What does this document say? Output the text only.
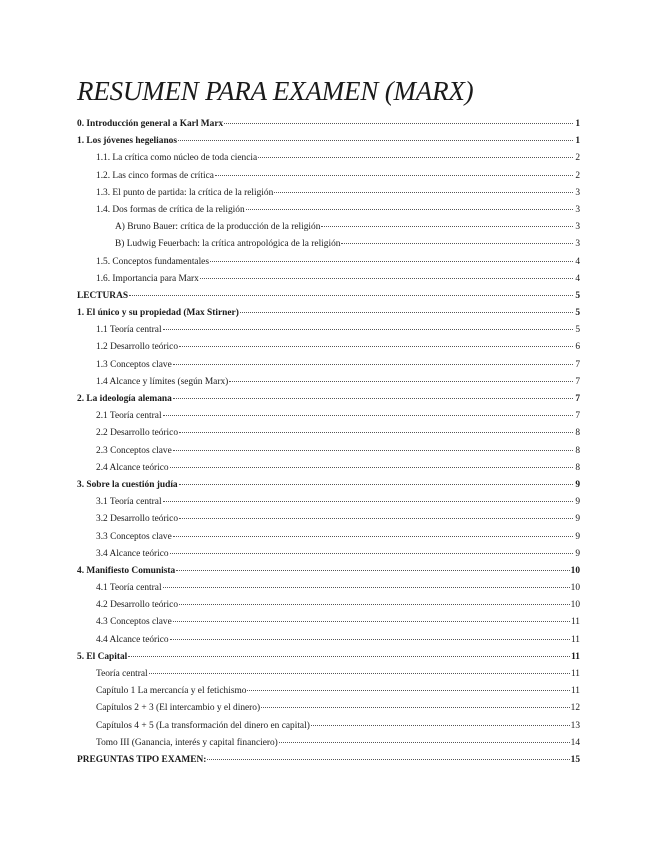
RESUMEN PARA EXAMEN (MARX)
0. Introducción general a Karl Marx	1
1. Los jóvenes hegelianos	1
1.1. La crítica como núcleo de toda ciencia	2
1.2. Las cinco formas de crítica	2
1.3. El punto de partida: la crítica de la religión	3
1.4. Dos formas de crítica de la religión	3
A) Bruno Bauer: crítica de la producción de la religión	3
B) Ludwig Feuerbach: la crítica antropológica de la religión	3
1.5. Conceptos fundamentales	4
1.6. Importancia para Marx	4
LECTURAS	5
1. El único y su propiedad (Max Stirner)	5
1.1 Teoría central	5
1.2 Desarrollo teórico	6
1.3 Conceptos clave	7
1.4 Alcance y límites (según Marx)	7
2. La ideología alemana	7
2.1 Teoría central	7
2.2 Desarrollo teórico	8
2.3 Conceptos clave	8
2.4 Alcance teórico	8
3. Sobre la cuestión judía	9
3.1 Teoría central	9
3.2 Desarrollo teórico	9
3.3 Conceptos clave	9
3.4 Alcance teórico	9
4. Manifiesto Comunista	10
4.1 Teoría central	10
4.2 Desarrollo teórico	10
4.3 Conceptos clave	11
4.4 Alcance teórico	11
5. El Capital	11
Teoría central	11
Capítulo 1 La mercancía y el fetichismo	11
Capítulos 2 + 3 (El intercambio y el dinero)	12
Capítulos 4 + 5 (La transformación del dinero en capital)	13
Tomo III (Ganancia, interés y capital financiero)	14
PREGUNTAS TIPO EXAMEN:	15
